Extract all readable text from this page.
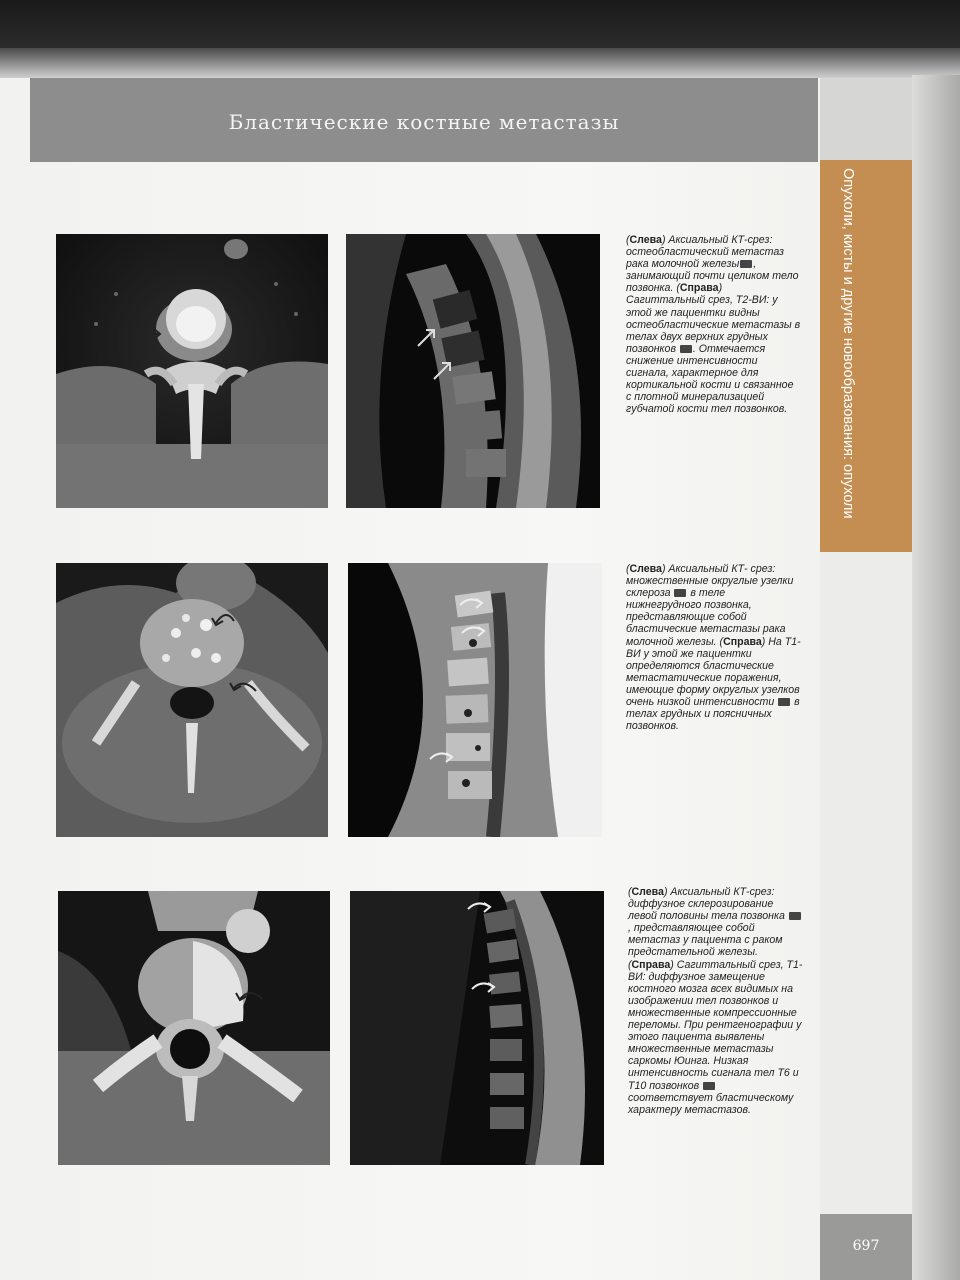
Бластические костные метастазы
Опухоли, кисты и другие новообразования: опухоли
697
(Слева) Аксиальный КТ-срез: остеобластический метастаз рака молочной железы , занимающий почти целиком тело позвонка. (Справа) Сагиттальный срез, Т2-ВИ: у этой же пациентки видны остеобластические метастазы в телах двух верхних грудных позвонков . Отмечается снижение интенсивности сигнала, характерное для кортикальной кости и связанное с плотной минерализацией губчатой кости тел позвонков.
(Слева) Аксиальный КТ- срез: множественные округлые узелки склероза  в теле нижнегрудного позвонка, представляющие собой бластические метастазы рака молочной железы. (Справа) На Т1-ВИ у этой же пациентки определяются бластические метастатические поражения, имеющие форму округлых узелков очень низкой интенсивности  в телах грудных и поясничных позвонков.
(Слева) Аксиальный КТ-срез: диффузное склерозирование левой половины тела позвонка , представляющее собой метастаз у пациента с раком предстательной железы. (Справа) Сагиттальный срез, Т1-ВИ: диффузное замещение костного мозга всех видимых на изображении тел позвонков и множественные компрессионные переломы. При рентгенографии у этого пациента выявлены множественные метастазы саркомы Юинга. Низкая интенсивность сигнала тел Т6 и Т10 позвонков  соответствует бластическому характеру метастазов.
